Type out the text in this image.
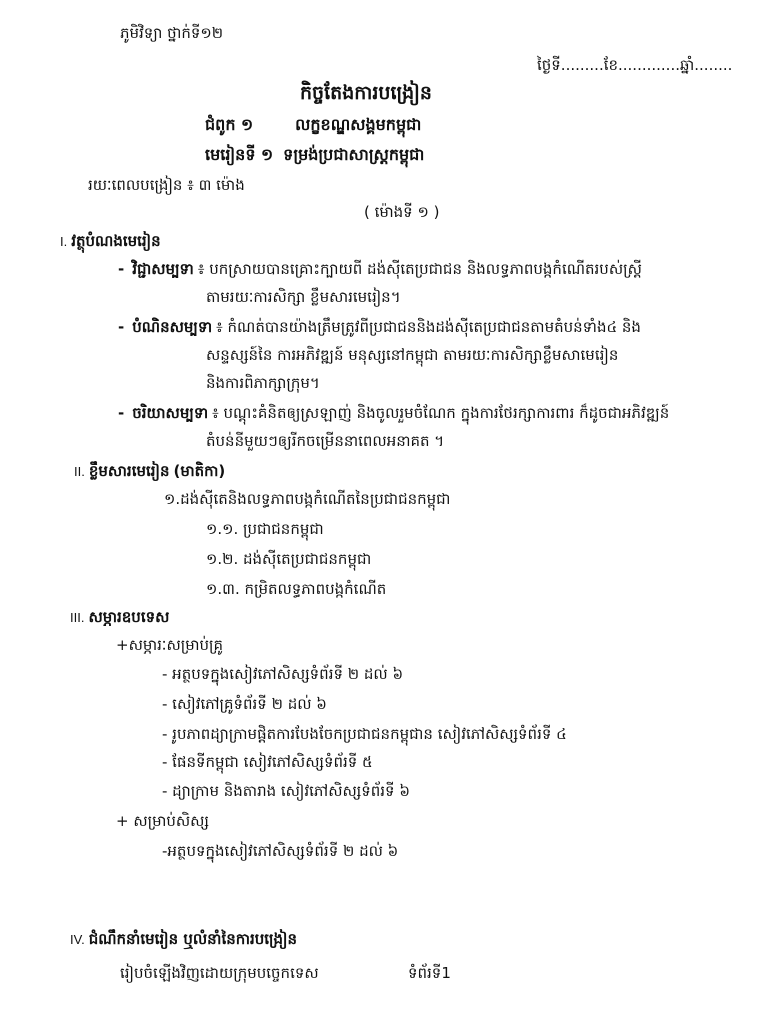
ភូមិវិទ្យា ថ្នាក់ទី១២
ថ្ងៃទី.........ខែ.............ឆ្នាំ........
កិច្ចតែងការបង្រៀន
ជំពូក ១	លក្ខខណ្ឌសង្គមកម្ពុជា
មេរៀនទី ១ ទម្រង់ប្រជាសាស្ត្រកម្ពុជា
រយៈពេលបង្រៀន ៖ ៣ ម៉ោង
( ម៉ោងទី ១ )
I. វត្ថុបំណងមេរៀន
- វិជ្ជាសម្បទា ៖ បកស្រាយបានគ្រោះក្បាយពី ដង់ស៊ីតេប្រជាជន និងលទ្ធភាពបង្កកំណើតរបស់ស្ត្រី
តាមរយៈការសិក្សា ខ្លឹមសារមេរៀន។
- បំណិនសម្បទា ៖ កំណត់បានយ៉ាងត្រឹមត្រូវពីប្រជាជននិងដង់ស៊ីតេប្រជាជនតាមតំបន់ទាំង៤ និង
សន្ទស្សន៍នៃ ការអភិវឌ្ឍន៍ មនុស្សនៅកម្ពុជា តាមរយៈការសិក្សាខ្លឹមសាមេរៀន
និងការពិភាក្សាក្រុម។
- ចរិយាសម្បទា ៖ បណ្តុះគំនិតឲ្យស្រឡាញ់ និងចូលរួមចំណែក ក្នុងការថែរក្សាការពារ ក៏ដូចជាអភិវឌ្ឍន៍
តំបន់នីមួយៗឲ្យរីកចម្រើននាពេលអនាគត ។
II. ខ្លឹមសារមេរៀន (មាតិកា)
១.ដង់ស៊ីតេនិងលទ្ធភាពបង្កកំណើតនៃប្រជាជនកម្ពុជា
១.១. ប្រជាជនកម្ពុជា
១.២. ដង់ស៊ីតេប្រជាជនកម្ពុជា
១.៣. កម្រិតលទ្ធភាពបង្កកំណើត
III. សម្ភារឧបទេស
+សម្ភារៈសម្រាប់គ្រូ
- អត្ថបទក្នុងសៀវភៅសិស្សទំព័រទី ២ ដល់ ៦
- សៀវភៅគ្រូទំព័រទី ២ ដល់ ៦
- រូបភាពដ្យាក្រាមផ្តិតការបែងចែកប្រជាជនកម្ពុជាន សៀវភៅសិស្សទំព័រទី ៤
- ផែនទីកម្ពុជា សៀវភៅសិស្សទំព័រទី ៥
- ដ្យាក្រាម និងតារាង សៀវភៅសិស្សទំព័រទី ៦
+ សម្រាប់សិស្ស
-អត្ថបទក្នុងសៀវភៅសិស្សទំព័រទី ២ ដល់ ៦
IV. ជំណឹកនាំមេរៀន ឬលំនាំនៃការបង្រៀន
រៀបចំឡើងវិញដោយក្រុមបច្ចេកទេស	ទំព័រទី1
